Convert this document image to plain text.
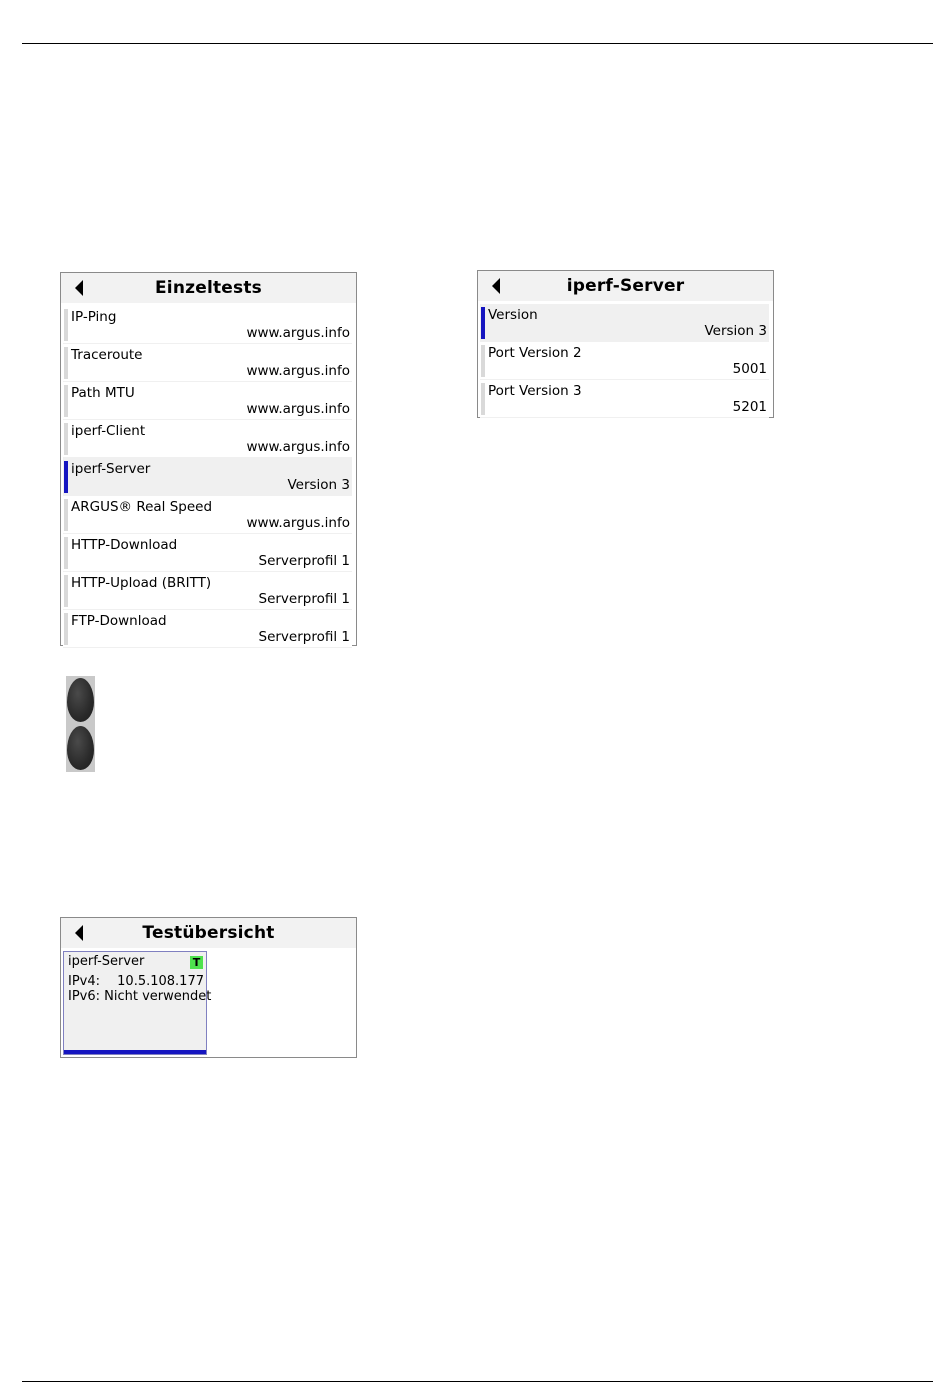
Einzeltests
IP-Ping
www.argus.info
Traceroute
www.argus.info
Path MTU
www.argus.info
iperf-Client
www.argus.info
iperf-Server
Version 3
ARGUS® Real Speed
www.argus.info
HTTP-Download
Serverprofil 1
HTTP-Upload (BRITT)
Serverprofil 1
FTP-Download
Serverprofil 1
iperf-Server
Version
Version 3
Port Version 2
5001
Port Version 3
5201
Testübersicht
iperf-Server	T
IPv4: 10.5.108.177
IPv6: Nicht verwendet
